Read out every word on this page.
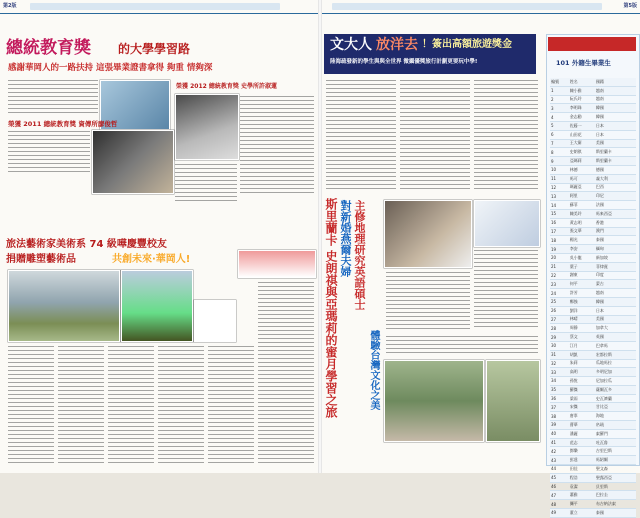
第2版	第5版
總統教育獎 的大學學習路
感謝華岡人的一路扶持 這張畢業證書拿得 夠重 情夠深
榮獲 2012 總統教育獎 史學所許淑蓮
榮獲 2011 總統教育獎 資傳所廖俊哲
旅法藝術家美術系 74 級嘩慶豐校友
捐贈雕塑藝術品	共創未來·華岡人!
文大人 放洋去 ！簽出高額旅遊獎金
陸海疏發新的學生與與全世界 微攝優獎旅行計劃更要玩中學!
斯里蘭卡 史朗祺與亞瑪莉的蜜月學習之旅 對新婚燕爾夫婦 主修地理研究英語碩士
體驗台灣文化之美
101 外籍生畢業生
編號	姓名	國籍
1	陳小雅	越南
2	阮氏玲	越南
3	李明珠	韓國
4	金志勳	韓國
5	佐藤一	日本
6	山田花	日本
7	王大衛	美國
8	史朗祺	斯里蘭卡
9	亞瑪莉	斯里蘭卡
10	林德	德國
11	馬可	義大利
12	瑪麗亞	巴西
13	阿里	印尼
14	蘇菲	法國
15	陳美玲	馬來西亞
16	黃志明	香港
17	張文華	澳門
18	楊光	泰國
19	李安	緬甸
20	吳小龍	新加坡
21	葉子	菲律賓
22	謝東	印度
23	何平	蒙古
24	許芳	越南
25	鄭強	韓國
26	劉洋	日本
27	林晴	美國
28	周靜	加拿大
29	蔡文	英國
30	江月	巴拿馬
31	胡凱	宏都拉斯
32	朱莉	瓜地馬拉
33	高明	多明尼加
34	孫悅	尼加拉瓜
35	羅傑	薩爾瓦多
36	梁雨	史瓦濟蘭
37	宋傑	甘比亞
38	唐寧	海地
39	曹華	帛琉
40	潘麗	索羅門
41	范志	吐瓦魯
42	鄧樂	吉里巴斯
43	彭達	馬紹爾
44	田佳	聖文森
45	程浩	聖露西亞
46	袁潔	貝里斯
47	蕭雅	巴拉圭
48	龔平	布吉納法索
49	董立	泰國
